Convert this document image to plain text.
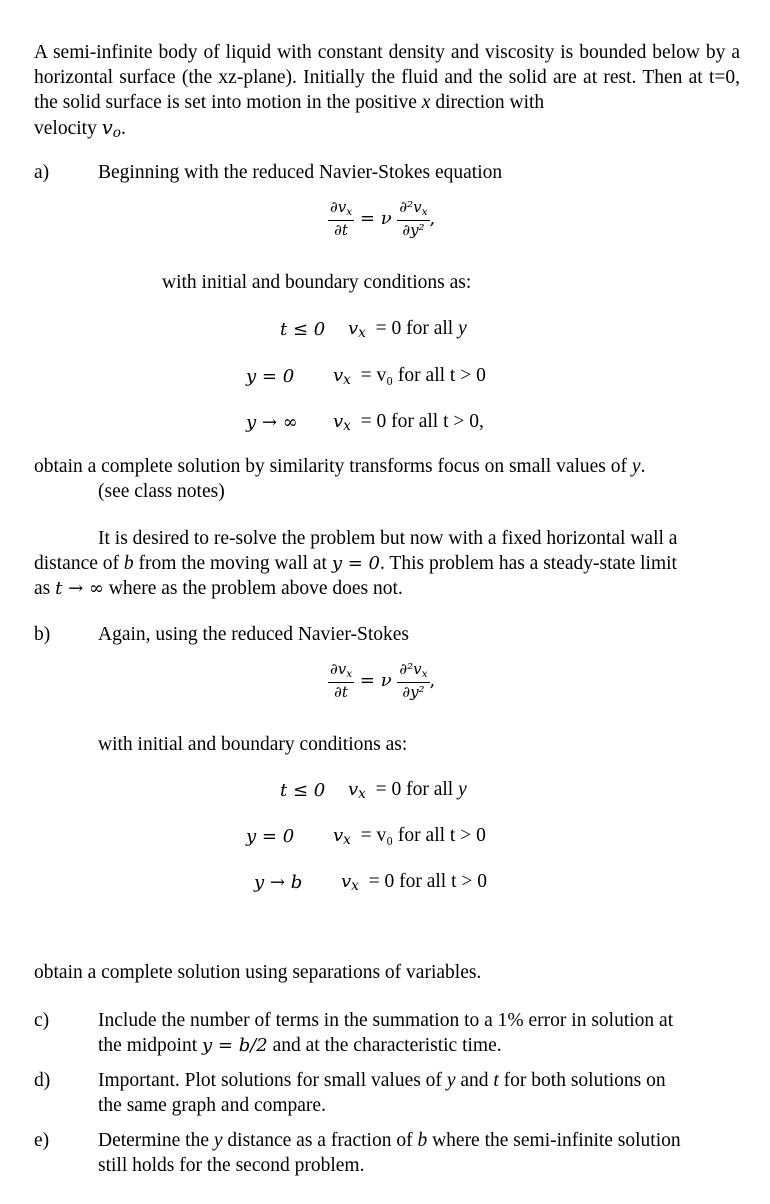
A semi-infinite body of liquid with constant density and viscosity is bounded below by a horizontal surface (the xz-plane). Initially the fluid and the solid are at rest. Then at t=0, the solid surface is set into motion in the positive x direction with
velocity $v_o$.
a)	Beginning with the reduced Navier-Stokes equation
$\frac{\partial v_x}{\partial t} = \nu \frac{\partial^2v_x}{\text{∂y²}}$ ,
with initial and boundary conditions as:
t ≤ 0 $v_x = 0$ for all y
y = 0 $v_x = v_0$ for all t > 0
y → ∞ $v_x = 0$ for all t > 0,
obtain a complete solution by similarity transforms focus on small values of y.
(see class notes)
It is desired to re-solve the problem but now with a fixed horizontal wall a
distance of b from the moving wall at y = 0. This problem has a steady-state limit
as t → ∞ where as the problem above does not.
b) Again, using the reduced Navier-Stokes
$\frac{\partial v_x}{\partial t} = \nu \frac{\partial^2v_x}{\text{∂y²}}$ ,
with initial and boundary conditions as:
t ≤ 0 $v_x = 0$ for all y
y = 0 $v_x = v_0$ for all t > 0
y → b $v_x = 0$ for all t > 0
obtain a complete solution using separations of variables.
c)	Include the number of terms in the summation to a 1% error in solution at
the midpoint y = b/2 and at the characteristic time.
d) Important. Plot solutions for small values of y and t for both solutions on
the same graph and compare.
e)	Determine the y distance as a fraction of b where the semi-infinite solution
still holds for the second problem.
